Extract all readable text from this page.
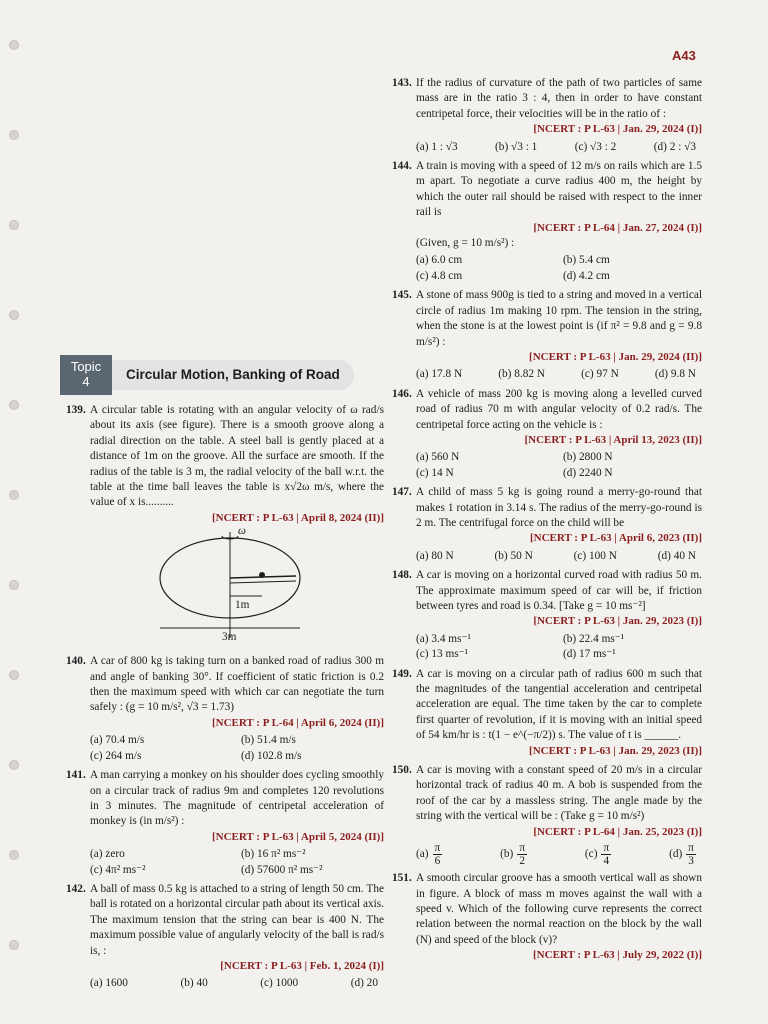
A43
Topic
4	Circular Motion, Banking of Road
139. A circular table is rotating with an angular velocity of ω rad/s about its axis (see figure). There is a smooth groove along a radial direction on the table. A steel ball is gently placed at a distance of 1m on the groove. All the surface are smooth. If the radius of the table is 3 m, the radial velocity of the ball w.r.t. the table at the time ball leaves the table is x√2ω m/s, where the value of x is..........
[NCERT : P L-63 | April 8, 2024 (II)]
ω
1m
3m
140. A car of 800 kg is taking turn on a banked road of radius 300 m and angle of banking 30°. If coefficient of static friction is 0.2 then the maximum speed with which car can negotiate the turn safely : (g = 10 m/s², √3 = 1.73)
[NCERT : P L-64 | April 6, 2024 (II)]
(a) 70.4 m/s	(b) 51.4 m/s
(c) 264 m/s	(d) 102.8 m/s
141. A man carrying a monkey on his shoulder does cycling smoothly on a circular track of radius 9m and completes 120 revolutions in 3 minutes. The magnitude of centripetal acceleration of monkey is (in m/s²) :
[NCERT : P L-63 | April 5, 2024 (II)]
(a) zero	(b) 16 π² ms⁻²
(c) 4π² ms⁻²	(d) 57600 π² ms⁻²
142. A ball of mass 0.5 kg is attached to a string of length 50 cm. The ball is rotated on a horizontal circular path about its vertical axis. The maximum tension that the string can bear is 400 N. The maximum possible value of angularly velocity of the ball is rad/s is, :
[NCERT : P L-63 | Feb. 1, 2024 (I)]
(a) 1600	(b) 40	(c) 1000	(d) 20
143. If the radius of curvature of the path of two particles of same mass are in the ratio 3 : 4, then in order to have constant centripetal force, their velocities will be in the ratio of :
[NCERT : P L-63 | Jan. 29, 2024 (I)]
(a) 1 : √3	(b) √3 : 1	(c) √3 : 2	(d) 2 : √3
144. A train is moving with a speed of 12 m/s on rails which are 1.5 m apart. To negotiate a curve radius 400 m, the height by which the outer rail should be raised with respect to the inner rail is
[NCERT : P L-64 | Jan. 27, 2024 (I)]
(Given, g = 10 m/s²) :
(a) 6.0 cm	(b) 5.4 cm
(c) 4.8 cm	(d) 4.2 cm
145. A stone of mass 900g is tied to a string and moved in a vertical circle of radius 1m making 10 rpm. The tension in the string, when the stone is at the lowest point is (if π² = 9.8 and g = 9.8 m/s²) :
[NCERT : P L-63 | Jan. 29, 2024 (II)]
(a) 17.8 N	(b) 8.82 N	(c) 97 N	(d) 9.8 N
146. A vehicle of mass 200 kg is moving along a levelled curved road of radius 70 m with angular velocity of 0.2 rad/s. The centripetal force acting on the vehicle is :
[NCERT : P L-63 | April 13, 2023 (II)]
(a) 560 N	(b) 2800 N
(c) 14 N	(d) 2240 N
147. A child of mass 5 kg is going round a merry-go-round that makes 1 rotation in 3.14 s. The radius of the merry-go-round is 2 m. The centrifugal force on the child will be
[NCERT : P L-63 | April 6, 2023 (II)]
(a) 80 N	(b) 50 N	(c) 100 N	(d) 40 N
148. A car is moving on a horizontal curved road with radius 50 m. The approximate maximum speed of car will be, if friction between tyres and road is 0.34. [Take g = 10 ms⁻²]
[NCERT : P L-63 | Jan. 29, 2023 (I)]
(a) 3.4 ms⁻¹	(b) 22.4 ms⁻¹
(c) 13 ms⁻¹	(d) 17 ms⁻¹
149. A car is moving on a circular path of radius 600 m such that the magnitudes of the tangential acceleration and centripetal acceleration are equal. The time taken by the car to complete first quarter of revolution, if it is moving with an initial speed of 54 km/hr is : t(1 − e^(−π/2)) s. The value of t is ______.
[NCERT : P L-63 | Jan. 29, 2023 (II)]
150. A car is moving with a constant speed of 20 m/s in a circular horizontal track of radius 40 m. A bob is suspended from the roof of the car by a massless string. The angle made by the string with the vertical will be : (Take g = 10 m/s²)
[NCERT : P L-64 | Jan. 25, 2023 (I)]
$(a) \frac{\pi}{6}$	$(b) \frac{\pi}{2}$	$(c) \frac{\pi}{4}$	$(d) \frac{\pi}{3}$
151. A smooth circular groove has a smooth vertical wall as shown in figure. A block of mass m moves against the wall with a speed v. Which of the following curve represents the correct relation between the normal reaction on the block by the wall (N) and speed of the block (v)?
[NCERT : P L-63 | July 29, 2022 (I)]
